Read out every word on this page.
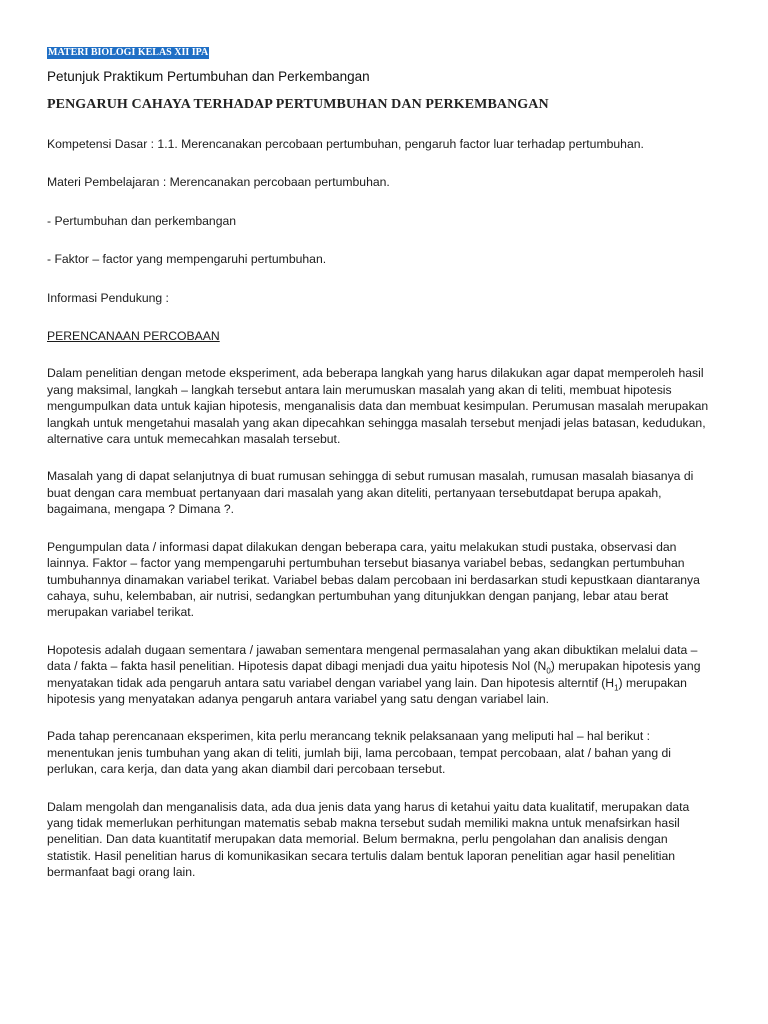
MATERI BIOLOGI KELAS XII IPA
Petunjuk Praktikum Pertumbuhan dan Perkembangan
PENGARUH CAHAYA TERHADAP PERTUMBUHAN DAN PERKEMBANGAN

Kompetensi Dasar : 1.1. Merencanakan percobaan pertumbuhan, pengaruh factor luar terhadap pertumbuhan.

Materi Pembelajaran : Merencanakan percobaan pertumbuhan.

- Pertumbuhan dan perkembangan

- Faktor – factor yang mempengaruhi pertumbuhan.

Informasi Pendukung :

PERENCANAAN PERCOBAAN

Dalam penelitian dengan metode eksperiment, ada beberapa langkah yang harus dilakukan agar dapat memperoleh hasil yang maksimal, langkah – langkah tersebut antara lain merumuskan masalah yang akan di teliti, membuat hipotesis mengumpulkan data untuk kajian hipotesis, menganalisis data dan membuat kesimpulan. Perumusan masalah merupakan langkah untuk mengetahui masalah yang akan dipecahkan sehingga masalah tersebut menjadi jelas batasan, kedudukan, alternative cara untuk memecahkan masalah tersebut.

Masalah yang di dapat selanjutnya di buat rumusan sehingga di sebut rumusan masalah, rumusan masalah biasanya di buat dengan cara membuat pertanyaan dari masalah yang akan diteliti, pertanyaan tersebutdapat berupa apakah, bagaimana, mengapa ? Dimana ?.

Pengumpulan data / informasi dapat dilakukan dengan beberapa cara, yaitu melakukan studi pustaka, observasi dan lainnya. Faktor – factor yang mempengaruhi pertumbuhan tersebut biasanya variabel bebas, sedangkan pertumbuhan tumbuhannya dinamakan variabel terikat. Variabel bebas dalam percobaan ini berdasarkan studi kepustkaan diantaranya cahaya, suhu, kelembaban, air nutrisi, sedangkan pertumbuhan yang ditunjukkan dengan panjang, lebar atau berat merupakan variabel terikat.

Hopotesis adalah dugaan sementara / jawaban sementara mengenal permasalahan yang akan dibuktikan melalui data – data / fakta – fakta hasil penelitian. Hipotesis dapat dibagi menjadi dua yaitu hipotesis Nol $(N_0)$ merupakan hipotesis yang menyatakan tidak ada pengaruh antara satu variabel dengan variabel yang lain. Dan hipotesis alterntif $(H_1)$ merupakan hipotesis yang menyatakan adanya pengaruh antara variabel yang satu dengan variabel lain.

Pada tahap perencanaan eksperimen, kita perlu merancang teknik pelaksanaan yang meliputi hal – hal berikut : menentukan jenis tumbuhan yang akan di teliti, jumlah biji, lama percobaan, tempat percobaan, alat / bahan yang di perlukan, cara kerja, dan data yang akan diambil dari percobaan tersebut.

Dalam mengolah dan menganalisis data, ada dua jenis data yang harus di ketahui yaitu data kualitatif, merupakan data yang tidak memerlukan perhitungan matematis sebab makna tersebut sudah memiliki makna untuk menafsirkan hasil penelitian. Dan data kuantitatif merupakan data memorial. Belum bermakna, perlu pengolahan dan analisis dengan statistik. Hasil penelitian harus di komunikasikan secara tertulis dalam bentuk laporan penelitian agar hasil penelitian bermanfaat bagi orang lain.
